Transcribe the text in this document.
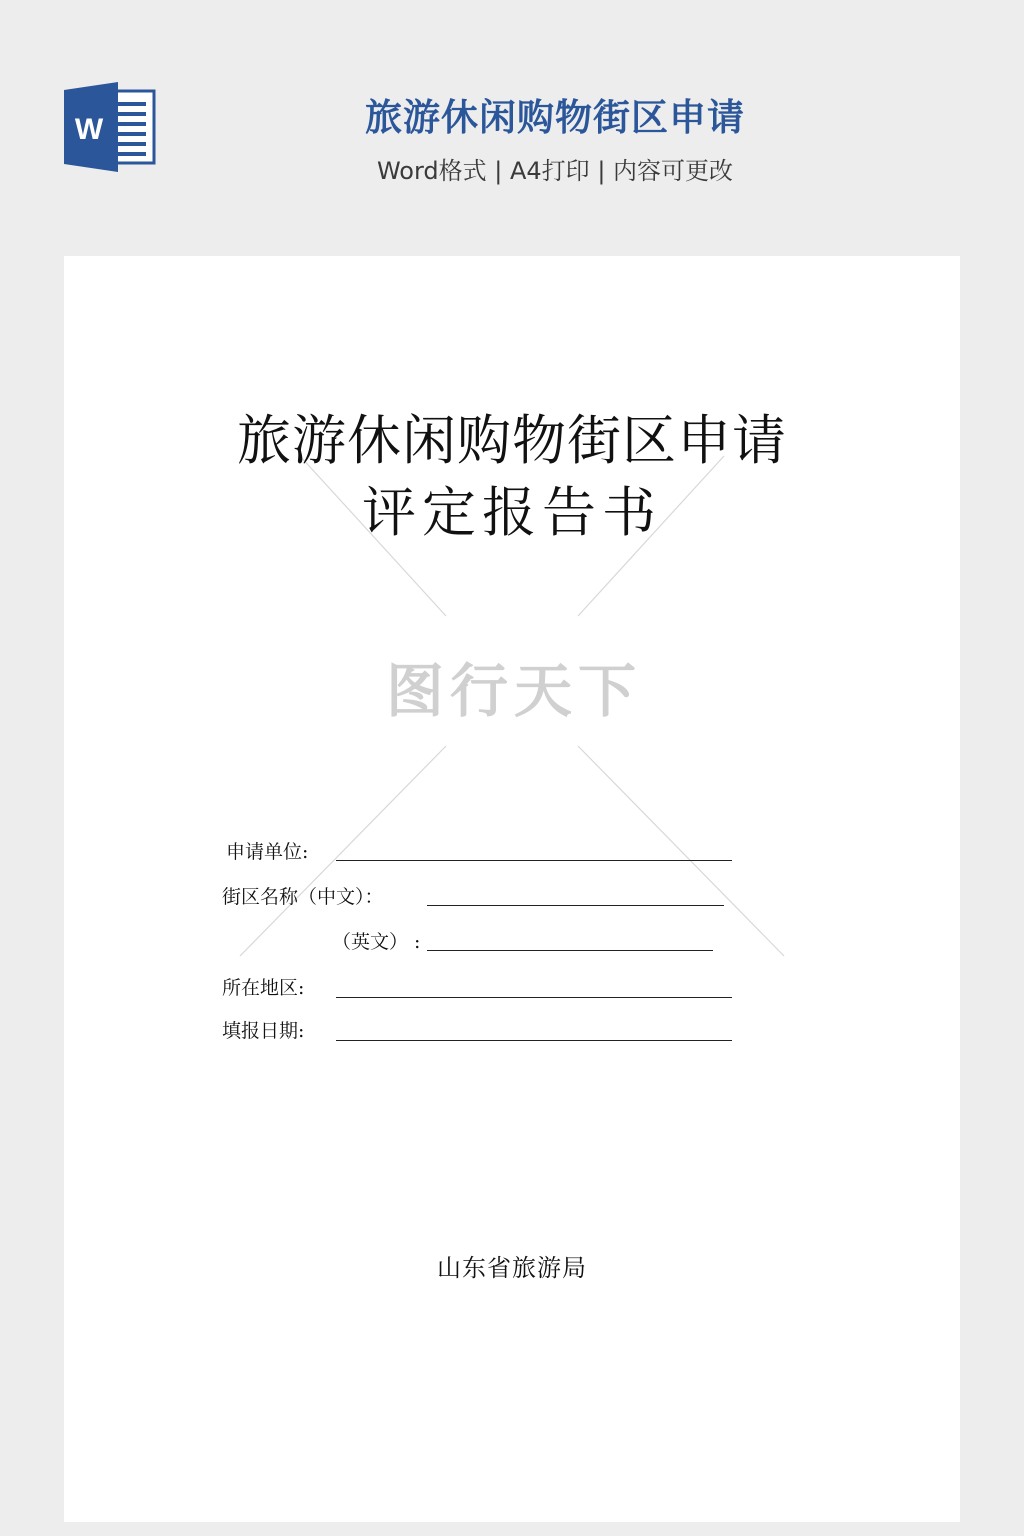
W	旅游休闲购物街区申请
Word格式 | A4打印 | 内容可更改
图行天下
旅游休闲购物街区申请
评定报告书
申请单位:
街区名称（中文）：
（英文） :
所在地区:
填报日期:
山东省旅游局
